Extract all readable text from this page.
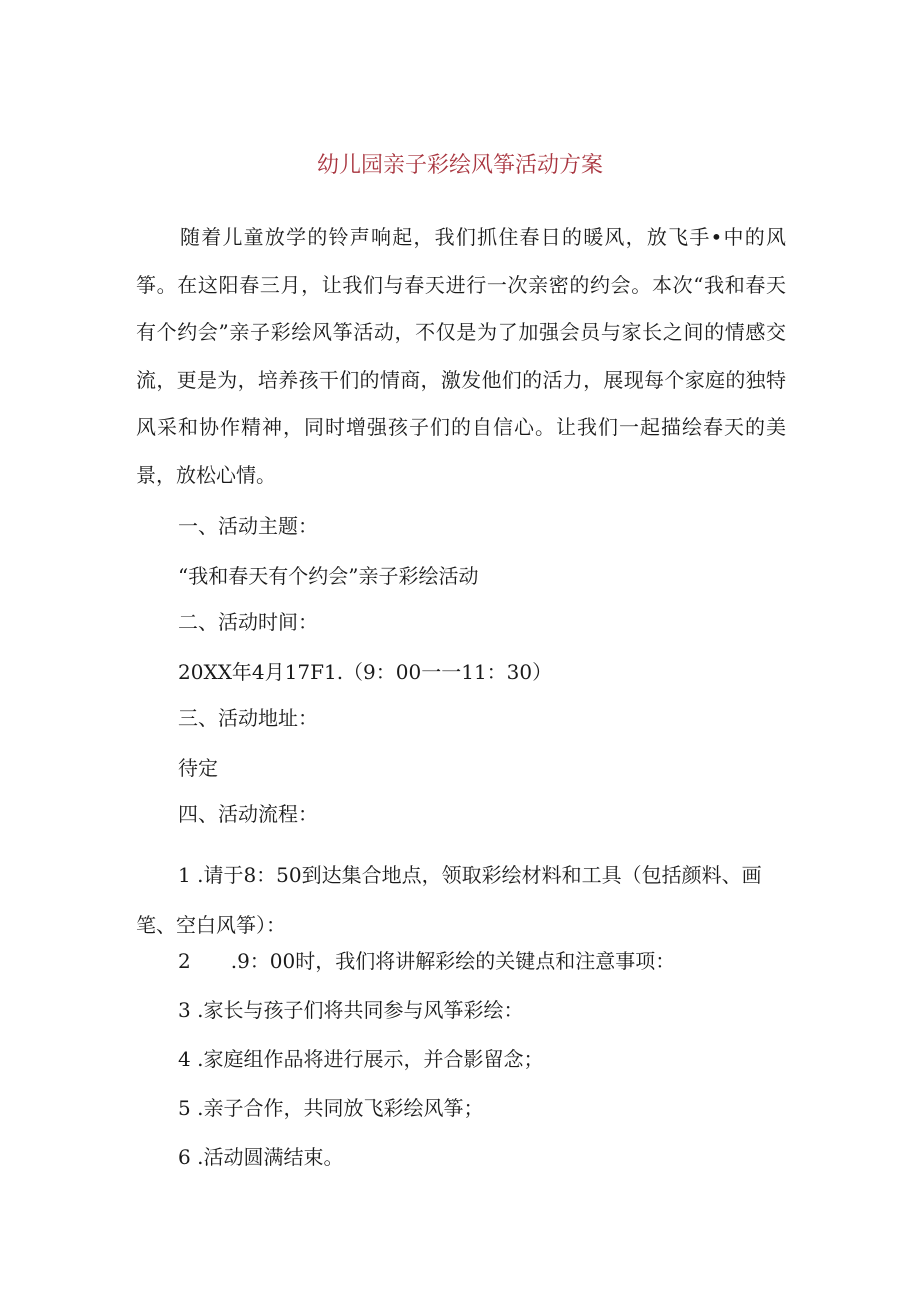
幼儿园亲子彩绘风筝活动方案

随着儿童放学的铃声响起，我们抓住春日的暖风，放飞手•中的风筝。在这阳春三月，让我们与春天进行一次亲密的约会。本次“我和春天有个约会”亲子彩绘风筝活动，不仅是为了加强会员与家长之间的情感交流，更是为，培养孩干们的情商，激发他们的活力，展现每个家庭的独特风采和协作精神，同时增强孩子们的自信心。让我们一起描绘春天的美景，放松心情。

一、活动主题：

“我和春天有个约会”亲子彩绘活动

二、活动时间：

20XX年4月17F1.（9：00一一11：30）

三、活动地址：

待定

四、活动流程：

1 .请于8：50到达集合地点，领取彩绘材料和工具（包括颜料、画笔、空白风筝）：

2　　.9：00时，我们将讲解彩绘的关键点和注意事项：

3 .家长与孩子们将共同参与风筝彩绘：

4 .家庭组作品将进行展示，并合影留念；

5 .亲子合作，共同放飞彩绘风筝；

6 .活动圆满结束。
